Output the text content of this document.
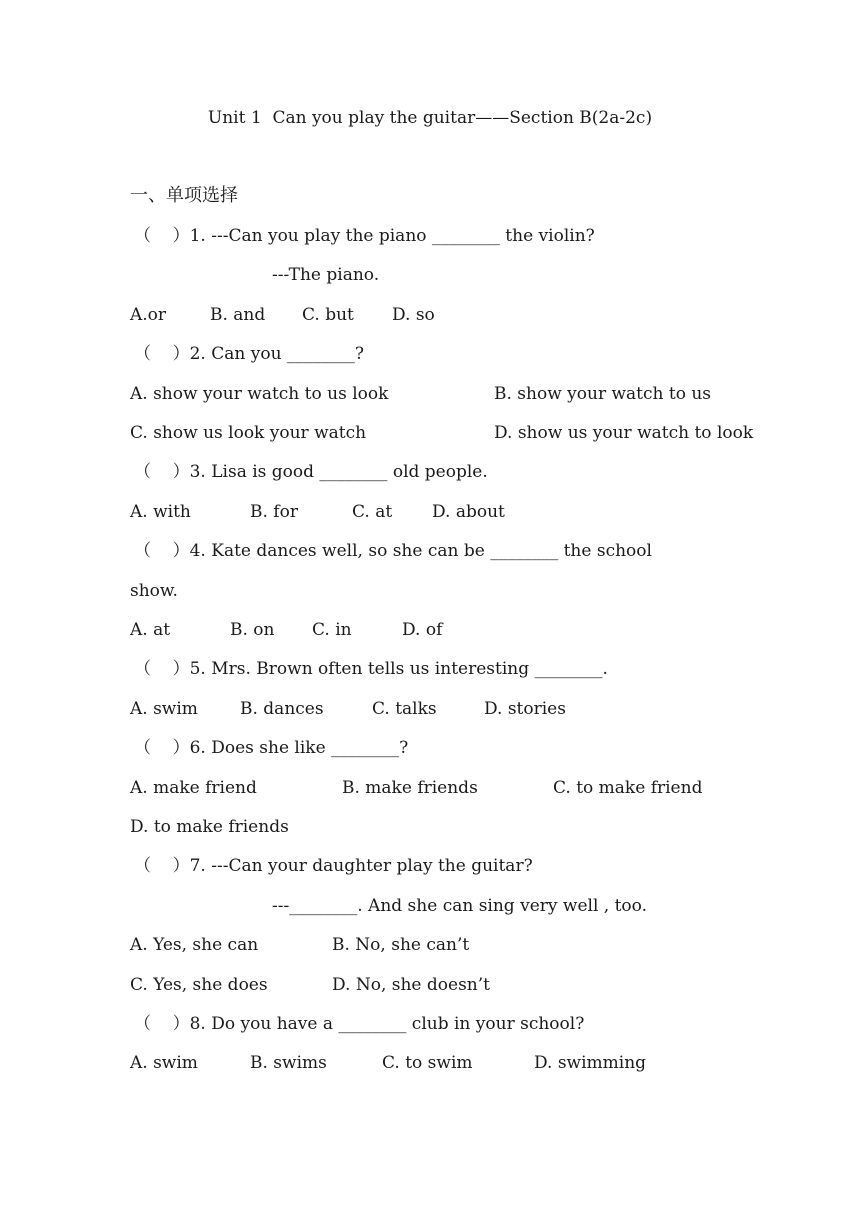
Unit 1  Can you play the guitar——Section B(2a-2c)
一、单项选择
（    ）1. ---Can you play the piano ________ the violin?
---The piano.
A.or	B. and C. but D. so
（    ）2. Can you ________?
A. show your watch to us look	B. show your watch to us
C. show us look your watch	D. show us your watch to look
（    ）3. Lisa is good ________ old people.
A. with	B. for	C. at D. about
（    ）4. Kate dances well, so she can be ________ the school
show.
A. at	B. on C. in	D. of
（    ）5. Mrs. Brown often tells us interesting ________.
A. swim B. dances	C. talks	D. stories
（    ）6. Does she like ________?
A. make friend	B. make friends	C. to make friend
D. to make friends
（    ）7. ---Can your daughter play the guitar?
---________. And she can sing very well , too.
A. Yes, she can	B. No, she can’t
C. Yes, she does	D. No, she doesn’t
（    ）8. Do you have a ________ club in your school?
A. swim	B. swims	C. to swim	D. swimming
